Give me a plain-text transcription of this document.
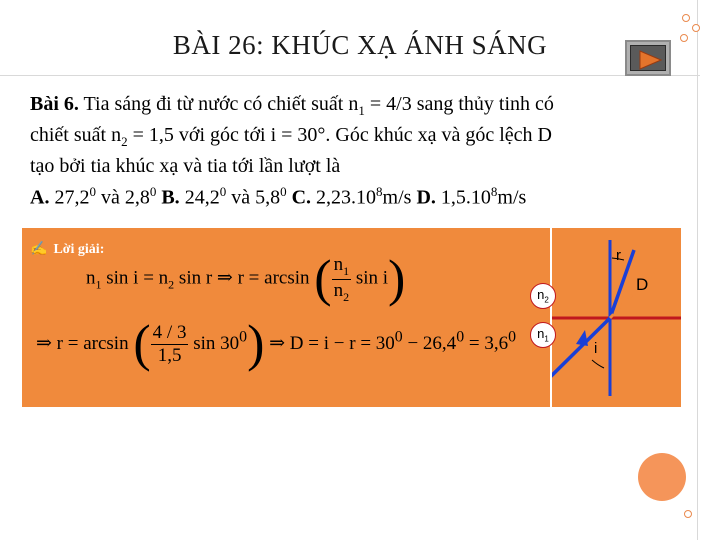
BÀI 26: KHÚC XẠ ÁNH SÁNG
Bài 6. Tia sáng đi từ nước có chiết suất $n_1 = 4/3$ sang thủy tinh có
chiết suất $n_2 = 1,5$ với góc tới i = 30°. Góc khúc xạ và góc lệch D
tạo bởi tia khúc xạ và tia tới lần lượt là
A. 27,2$^0$ và $2,8^0$ B. 24,2$^0$ và $5,8^0$ C. 2,23.10$^8$m/s D. 1,5.10$^8$m/s
✍ Lời giải:
$n_1$ $\sin i = n_2$ sin r ⇒ r = arcsin ( $\frac{n_1}{n_2}$ sin i)
⇒ r = arcsin ( $\frac{4 / 3}{1,5}$ $\sin 30^0$) ⇒ $D = i - r = 30^0 - 26,4^0 = 3,6^0$
r
D
i
$n_2$
$n_1$
